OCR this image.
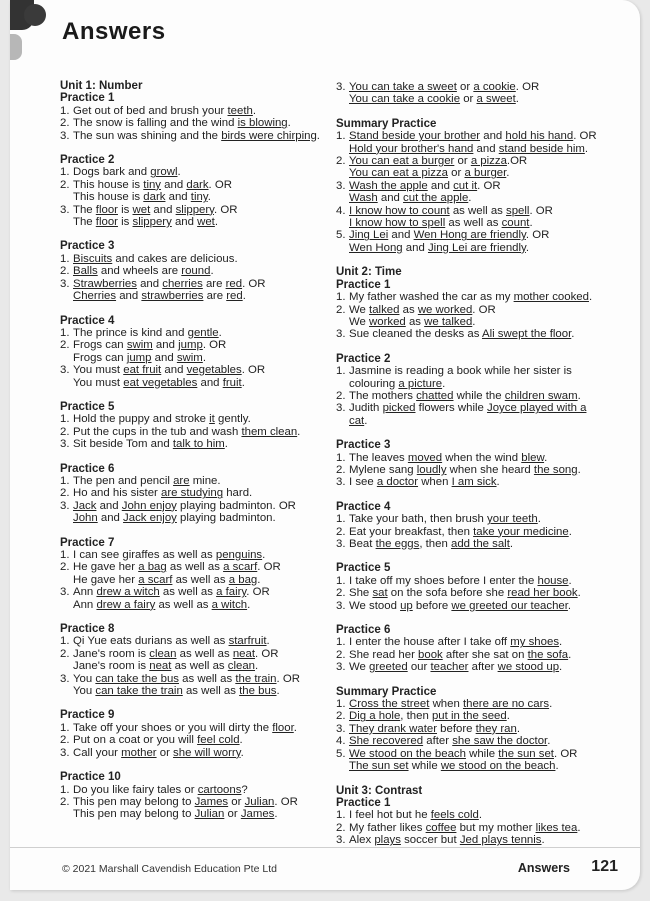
Answers
Unit 1: Number
Practice 1
1. Get out of bed and brush your teeth.
2. The snow is falling and the wind is blowing.
3. The sun was shining and the birds were chirping.
Practice 2
1. Dogs bark and growl.
2. This house is tiny and dark. OR
This house is dark and tiny.
3. The floor is wet and slippery. OR
The floor is slippery and wet.
Practice 3
1. Biscuits and cakes are delicious.
2. Balls and wheels are round.
3. Strawberries and cherries are red. OR
Cherries and strawberries are red.
Practice 4
1. The prince is kind and gentle.
2. Frogs can swim and jump. OR
Frogs can jump and swim.
3. You must eat fruit and vegetables. OR
You must eat vegetables and fruit.
Practice 5
1. Hold the puppy and stroke it gently.
2. Put the cups in the tub and wash them clean.
3. Sit beside Tom and talk to him.
Practice 6
1. The pen and pencil are mine.
2. Ho and his sister are studying hard.
3. Jack and John enjoy playing badminton. OR
John and Jack enjoy playing badminton.
Practice 7
1. I can see giraffes as well as penguins.
2. He gave her a bag as well as a scarf. OR
He gave her a scarf as well as a bag.
3. Ann drew a witch as well as a fairy. OR
Ann drew a fairy as well as a witch.
Practice 8
1. Qi Yue eats durians as well as starfruit.
2. Jane's room is clean as well as neat. OR
Jane's room is neat as well as clean.
3. You can take the bus as well as the train. OR
You can take the train as well as the bus.
Practice 9
1. Take off your shoes or you will dirty the floor.
2. Put on a coat or you will feel cold.
3. Call your mother or she will worry.
Practice 10
1. Do you like fairy tales or cartoons?
2. This pen may belong to James or Julian. OR
This pen may belong to Julian or James.
3. You can take a sweet or a cookie. OR
You can take a cookie or a sweet.
Summary Practice
1. Stand beside your brother and hold his hand. OR
Hold your brother's hand and stand beside him.
2. You can eat a burger or a pizza.OR
You can eat a pizza or a burger.
3. Wash the apple and cut it. OR
Wash and cut the apple.
4. I know how to count as well as spell. OR
I know how to spell as well as count.
5. Jing Lei and Wen Hong are friendly. OR
Wen Hong and Jing Lei are friendly.
Unit 2: Time
Practice 1
1. My father washed the car as my mother cooked.
2. We talked as we worked. OR
We worked as we talked.
3. Sue cleaned the desks as Ali swept the floor.
Practice 2
1. Jasmine is reading a book while her sister is
colouring a picture.
2. The mothers chatted while the children swam.
3. Judith picked flowers while Joyce played with a
cat.
Practice 3
1. The leaves moved when the wind blew.
2. Mylene sang loudly when she heard the song.
3. I see a doctor when I am sick.
Practice 4
1. Take your bath, then brush your teeth.
2. Eat your breakfast, then take your medicine.
3. Beat the eggs, then add the salt.
Practice 5
1. I take off my shoes before I enter the house.
2. She sat on the sofa before she read her book.
3. We stood up before we greeted our teacher.
Practice 6
1. I enter the house after I take off my shoes.
2. She read her book after she sat on the sofa.
3. We greeted our teacher after we stood up.
Summary Practice
1. Cross the street when there are no cars.
2. Dig a hole, then put in the seed.
3. They drank water before they ran.
4. She recovered after she saw the doctor.
5. We stood on the beach while the sun set. OR
The sun set while we stood on the beach.
Unit 3: Contrast
Practice 1
1. I feel hot but he feels cold.
2. My father likes coffee but my mother likes tea.
3. Alex plays soccer but Jed plays tennis.
© 2021 Marshall Cavendish Education Pte Ltd	Answers 121
